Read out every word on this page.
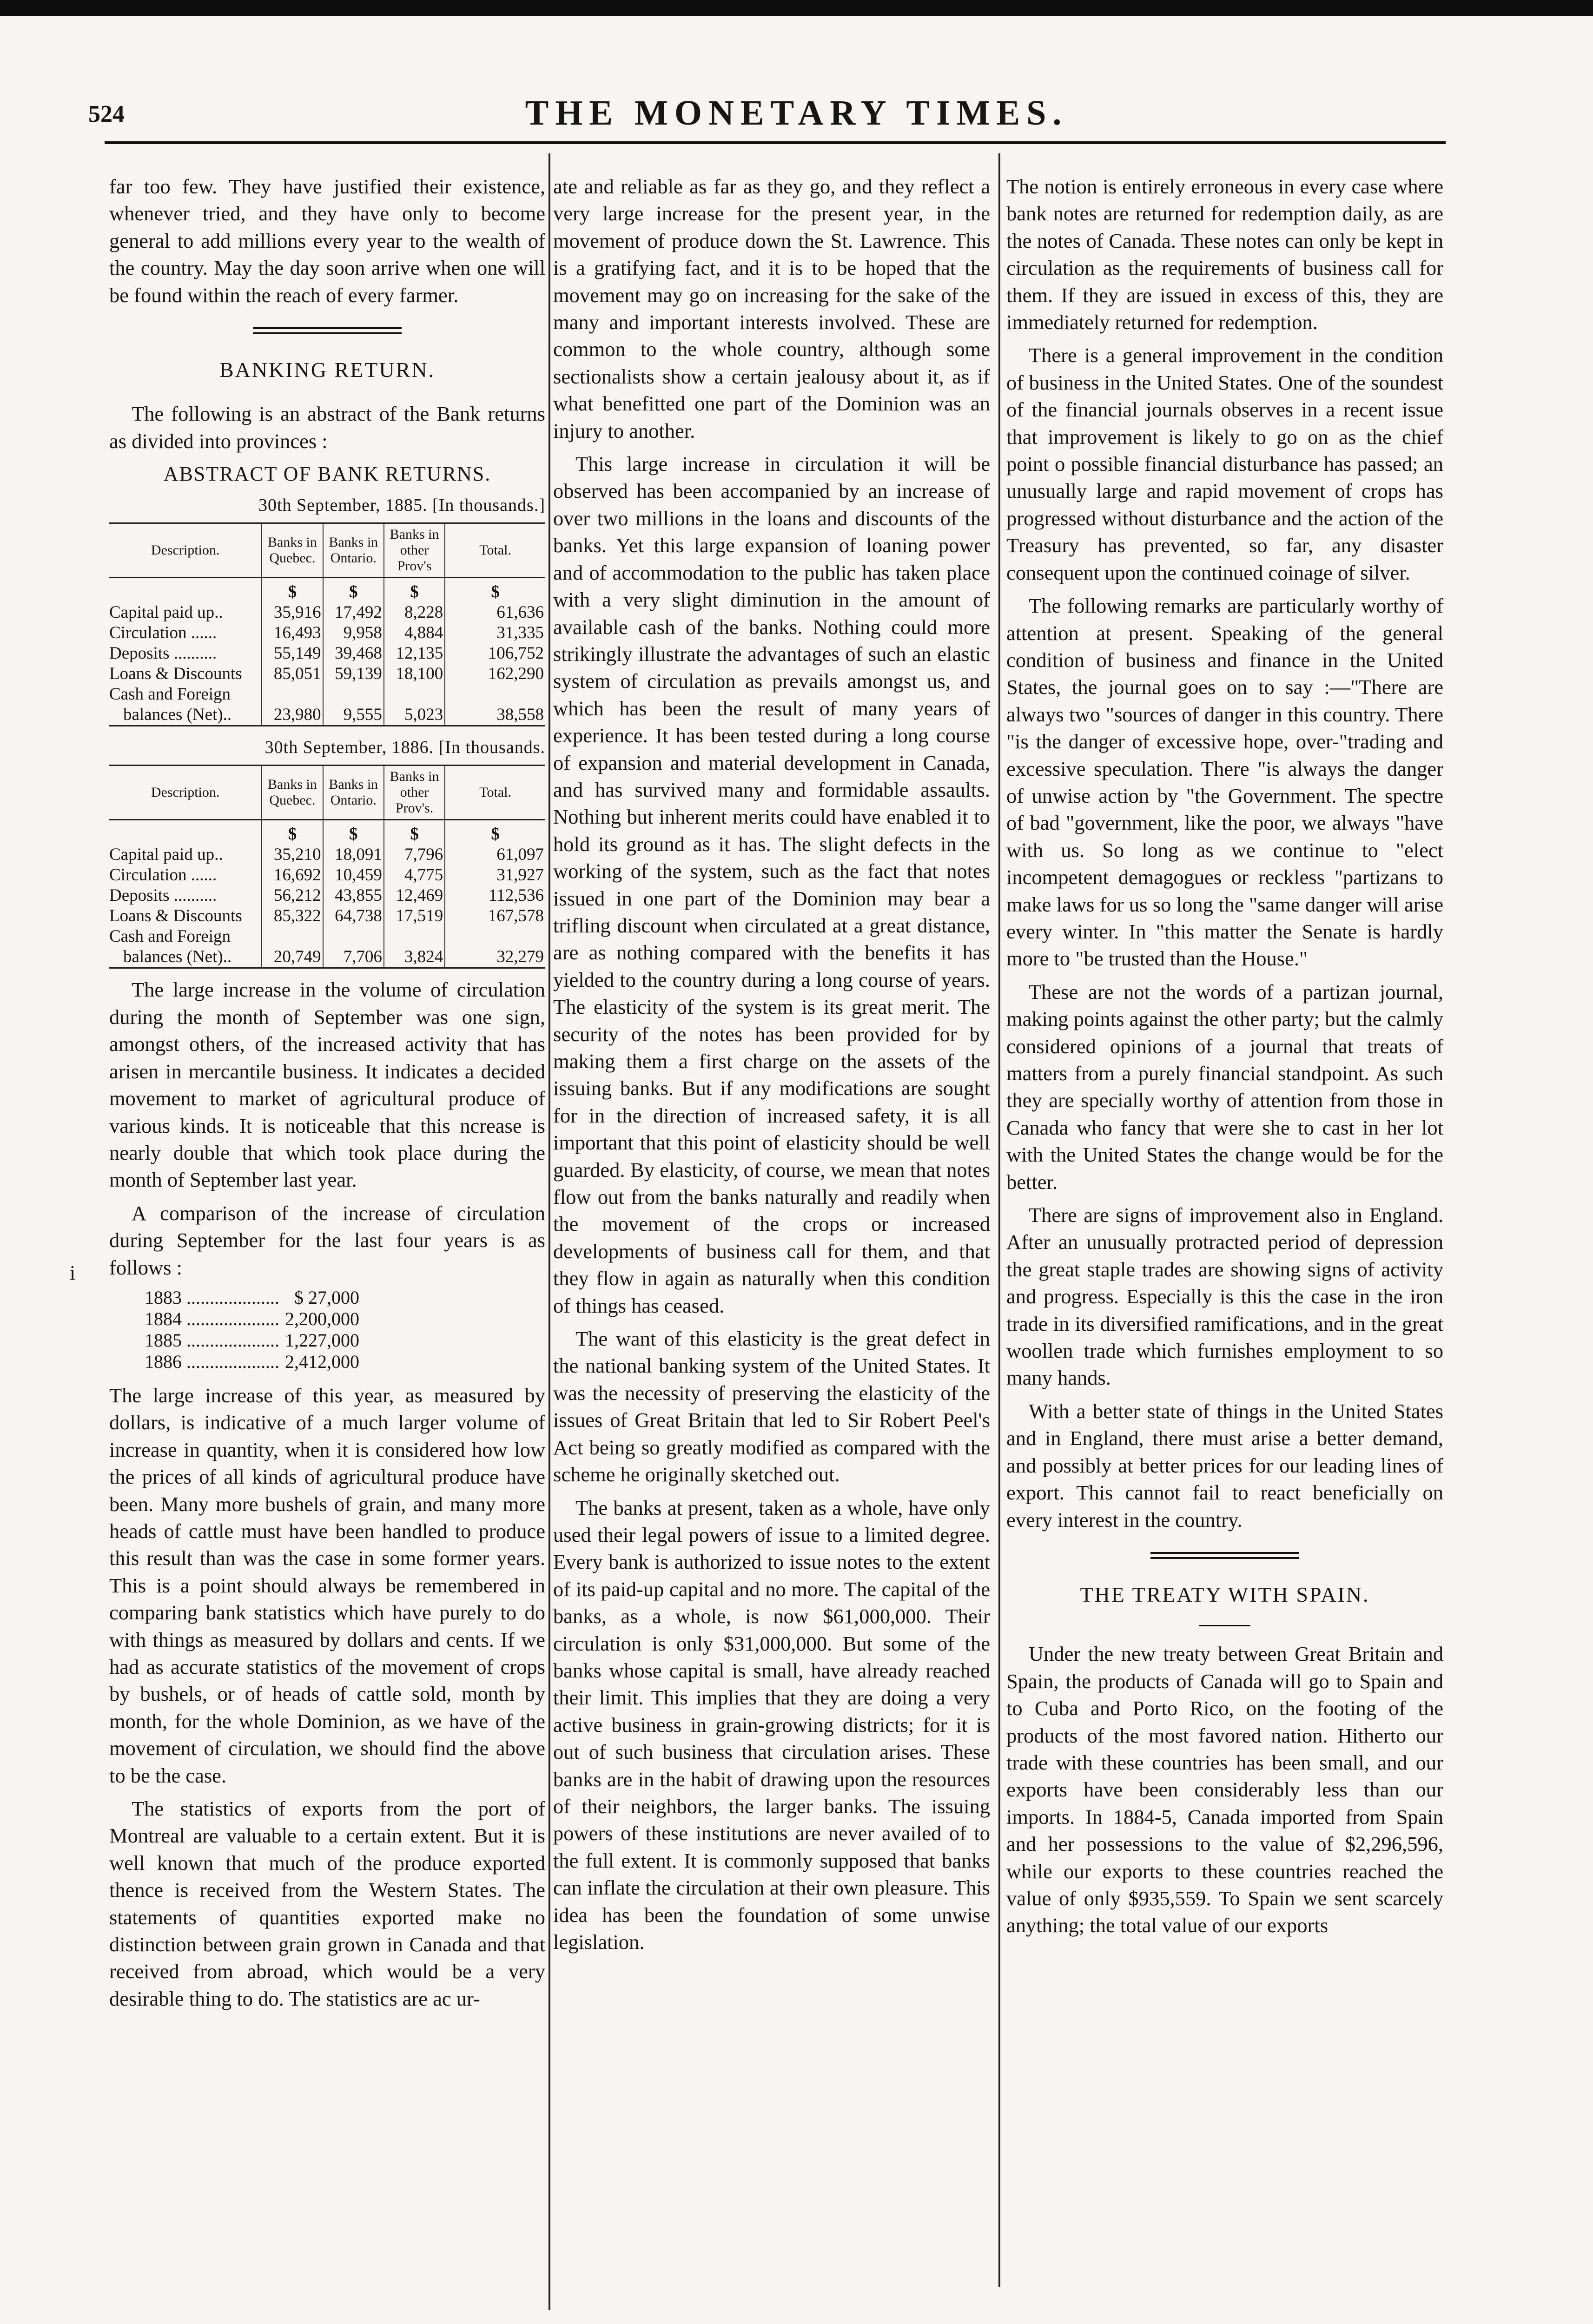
524	THE MONETARY TIMES.
i

far too few. They have justified their existence, whenever tried, and they have only to become general to add millions every year to the wealth of the country. May the day soon arrive when one will be found within the reach of every farmer.

BANKING RETURN.

The following is an abstract of the Bank returns as divided into provinces :

ABSTRACT OF BANK RETURNS.
30th September, 1885. [In thousands.]
Description.	Banks in Quebec.	Banks in Ontario.	Banks in other Prov's	Total.
	$	$	$	$
Capital paid up..	35,916	17,492	8,228	61,636
Circulation ......	16,493	9,958	4,884	31,335
Deposits ..........	55,149	39,468	12,135	106,752
Loans & Discounts	85,051	59,139	18,100	162,290
Cash and Foreign				
balances (Net)..	23,980	9,555	5,023	38,558
30th September, 1886. [In thousands.
Description.	Banks in Quebec.	Banks in Ontario.	Banks in other Prov's.	Total.
	$	$	$	$
Capital paid up..	35,210	18,091	7,796	61,097
Circulation ......	16,692	10,459	4,775	31,927
Deposits ..........	56,212	43,855	12,469	112,536
Loans & Discounts	85,322	64,738	17,519	167,578
Cash and Foreign				
balances (Net)..	20,749	7,706	3,824	32,279

The large increase in the volume of circulation during the month of September was one sign, amongst others, of the increased activity that has arisen in mercantile business. It indicates a decided movement to market of agricultural produce of various kinds. It is noticeable that this ncrease is nearly double that which took place during the month of September last year.

A comparison of the increase of circulation during September for the last four years is as follows :

1883 ....................	$ 27,000
1884 ....................	2,200,000
1885 ....................	1,227,000
1886 ....................	2,412,000

The large increase of this year, as measured by dollars, is indicative of a much larger volume of increase in quantity, when it is considered how low the prices of all kinds of agricultural produce have been. Many more bushels of grain, and many more heads of cattle must have been handled to produce this result than was the case in some former years. This is a point should always be remembered in comparing bank statistics which have purely to do with things as measured by dollars and cents. If we had as accurate statistics of the movement of crops by bushels, or of heads of cattle sold, month by month, for the whole Dominion, as we have of the movement of circulation, we should find the above to be the case.

The statistics of exports from the port of Montreal are valuable to a certain extent. But it is well known that much of the produce exported thence is received from the Western States. The statements of quantities exported make no distinction between grain grown in Canada and that received from abroad, which would be a very desirable thing to do. The statistics are ac ur-

ate and reliable as far as they go, and they reflect a very large increase for the present year, in the movement of produce down the St. Lawrence. This is a gratifying fact, and it is to be hoped that the movement may go on increasing for the sake of the many and important interests involved. These are common to the whole country, although some sectionalists show a certain jealousy about it, as if what benefitted one part of the Dominion was an injury to another.

This large increase in circulation it will be observed has been accompanied by an increase of over two millions in the loans and discounts of the banks. Yet this large expansion of loaning power and of accommodation to the public has taken place with a very slight diminution in the amount of available cash of the banks. Nothing could more strikingly illustrate the advantages of such an elastic system of circulation as prevails amongst us, and which has been the result of many years of experience. It has been tested during a long course of expansion and material development in Canada, and has survived many and formidable assaults. Nothing but inherent merits could have enabled it to hold its ground as it has. The slight defects in the working of the system, such as the fact that notes issued in one part of the Dominion may bear a trifling discount when circulated at a great distance, are as nothing compared with the benefits it has yielded to the country during a long course of years. The elasticity of the system is its great merit. The security of the notes has been provided for by making them a first charge on the assets of the issuing banks. But if any modifications are sought for in the direction of increased safety, it is all important that this point of elasticity should be well guarded. By elasticity, of course, we mean that notes flow out from the banks naturally and readily when the movement of the crops or increased developments of business call for them, and that they flow in again as naturally when this condition of things has ceased.

The want of this elasticity is the great defect in the national banking system of the United States. It was the necessity of preserving the elasticity of the issues of Great Britain that led to Sir Robert Peel's Act being so greatly modified as compared with the scheme he originally sketched out.

The banks at present, taken as a whole, have only used their legal powers of issue to a limited degree. Every bank is authorized to issue notes to the extent of its paid-up capital and no more. The capital of the banks, as a whole, is now $61,000,000. Their circulation is only $31,000,000. But some of the banks whose capital is small, have already reached their limit. This implies that they are doing a very active business in grain-growing districts; for it is out of such business that circulation arises. These banks are in the habit of drawing upon the resources of their neighbors, the larger banks. The issuing powers of these institutions are never availed of to the full extent. It is commonly supposed that banks can inflate the circulation at their own pleasure. This idea has been the foundation of some unwise legislation.

The notion is entirely erroneous in every case where bank notes are returned for redemption daily, as are the notes of Canada. These notes can only be kept in circulation as the requirements of business call for them. If they are issued in excess of this, they are immediately returned for redemption.

There is a general improvement in the condition of business in the United States. One of the soundest of the financial journals observes in a recent issue that improvement is likely to go on as the chief point o possible financial disturbance has passed; an unusually large and rapid movement of crops has progressed without disturbance and the action of the Treasury has prevented, so far, any disaster consequent upon the continued coinage of silver.

The following remarks are particularly worthy of attention at present. Speaking of the general condition of business and finance in the United States, the journal goes on to say :—"There are always two "sources of danger in this country. There "is the danger of excessive hope, over-"trading and excessive speculation. There "is always the danger of unwise action by "the Government. The spectre of bad "government, like the poor, we always "have with us. So long as we continue to "elect incompetent demagogues or reckless "partizans to make laws for us so long the "same danger will arise every winter. In "this matter the Senate is hardly more to "be trusted than the House."

These are not the words of a partizan journal, making points against the other party; but the calmly considered opinions of a journal that treats of matters from a purely financial standpoint. As such they are specially worthy of attention from those in Canada who fancy that were she to cast in her lot with the United States the change would be for the better.

There are signs of improvement also in England. After an unusually protracted period of depression the great staple trades are showing signs of activity and progress. Especially is this the case in the iron trade in its diversified ramifications, and in the great woollen trade which furnishes employment to so many hands.

With a better state of things in the United States and in England, there must arise a better demand, and possibly at better prices for our leading lines of export. This cannot fail to react beneficially on every interest in the country.

THE TREATY WITH SPAIN.

Under the new treaty between Great Britain and Spain, the products of Canada will go to Spain and to Cuba and Porto Rico, on the footing of the products of the most favored nation. Hitherto our trade with these countries has been small, and our exports have been considerably less than our imports. In 1884-5, Canada imported from Spain and her possessions to the value of $2,296,596, while our exports to these countries reached the value of only $935,559. To Spain we sent scarcely anything; the total value of our exports
